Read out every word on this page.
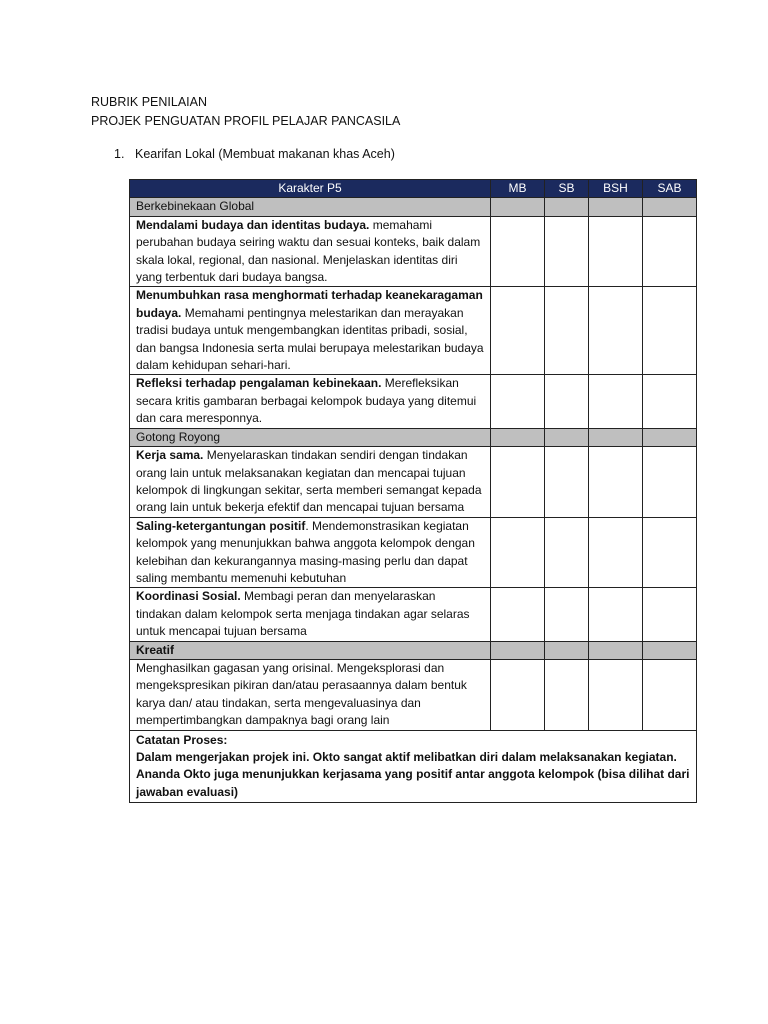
RUBRIK PENILAIAN
PROJEK PENGUATAN PROFIL PELAJAR PANCASILA
1. Kearifan Lokal (Membuat makanan khas Aceh)
Karakter P5	MB	SB	BSH	SAB
Berkebinekaan Global				
Mendalami budaya dan identitas budaya. memahami perubahan budaya seiring waktu dan sesuai konteks, baik dalam skala lokal, regional, dan nasional. Menjelaskan identitas diri yang terbentuk dari budaya bangsa.				
Menumbuhkan rasa menghormati terhadap keanekaragaman budaya. Memahami pentingnya melestarikan dan merayakan tradisi budaya untuk mengembangkan identitas pribadi, sosial, dan bangsa Indonesia serta mulai berupaya melestarikan budaya dalam kehidupan sehari-hari.				
Refleksi terhadap pengalaman kebinekaan. Merefleksikan secara kritis gambaran berbagai kelompok budaya yang ditemui dan cara meresponnya.				
Gotong Royong				
Kerja sama. Menyelaraskan tindakan sendiri dengan tindakan orang lain untuk melaksanakan kegiatan dan mencapai tujuan kelompok di lingkungan sekitar, serta memberi semangat kepada orang lain untuk bekerja efektif dan mencapai tujuan bersama				
Saling-ketergantungan positif. Mendemonstrasikan kegiatan kelompok yang menunjukkan bahwa anggota kelompok dengan kelebihan dan kekurangannya masing-masing perlu dan dapat saling membantu memenuhi kebutuhan				
Koordinasi Sosial. Membagi peran dan menyelaraskan tindakan dalam kelompok serta menjaga tindakan agar selaras untuk mencapai tujuan bersama				
Kreatif				
Menghasilkan gagasan yang orisinal. Mengeksplorasi dan mengekspresikan pikiran dan/atau perasaannya dalam bentuk karya dan/ atau tindakan, serta mengevaluasinya dan mempertimbangkan dampaknya bagi orang lain				

Catatan Proses:
Dalam mengerjakan projek ini. Okto sangat aktif melibatkan diri dalam melaksanakan kegiatan. Ananda Okto juga menunjukkan kerjasama yang positif antar anggota kelompok (bisa dilihat dari jawaban evaluasi)				
